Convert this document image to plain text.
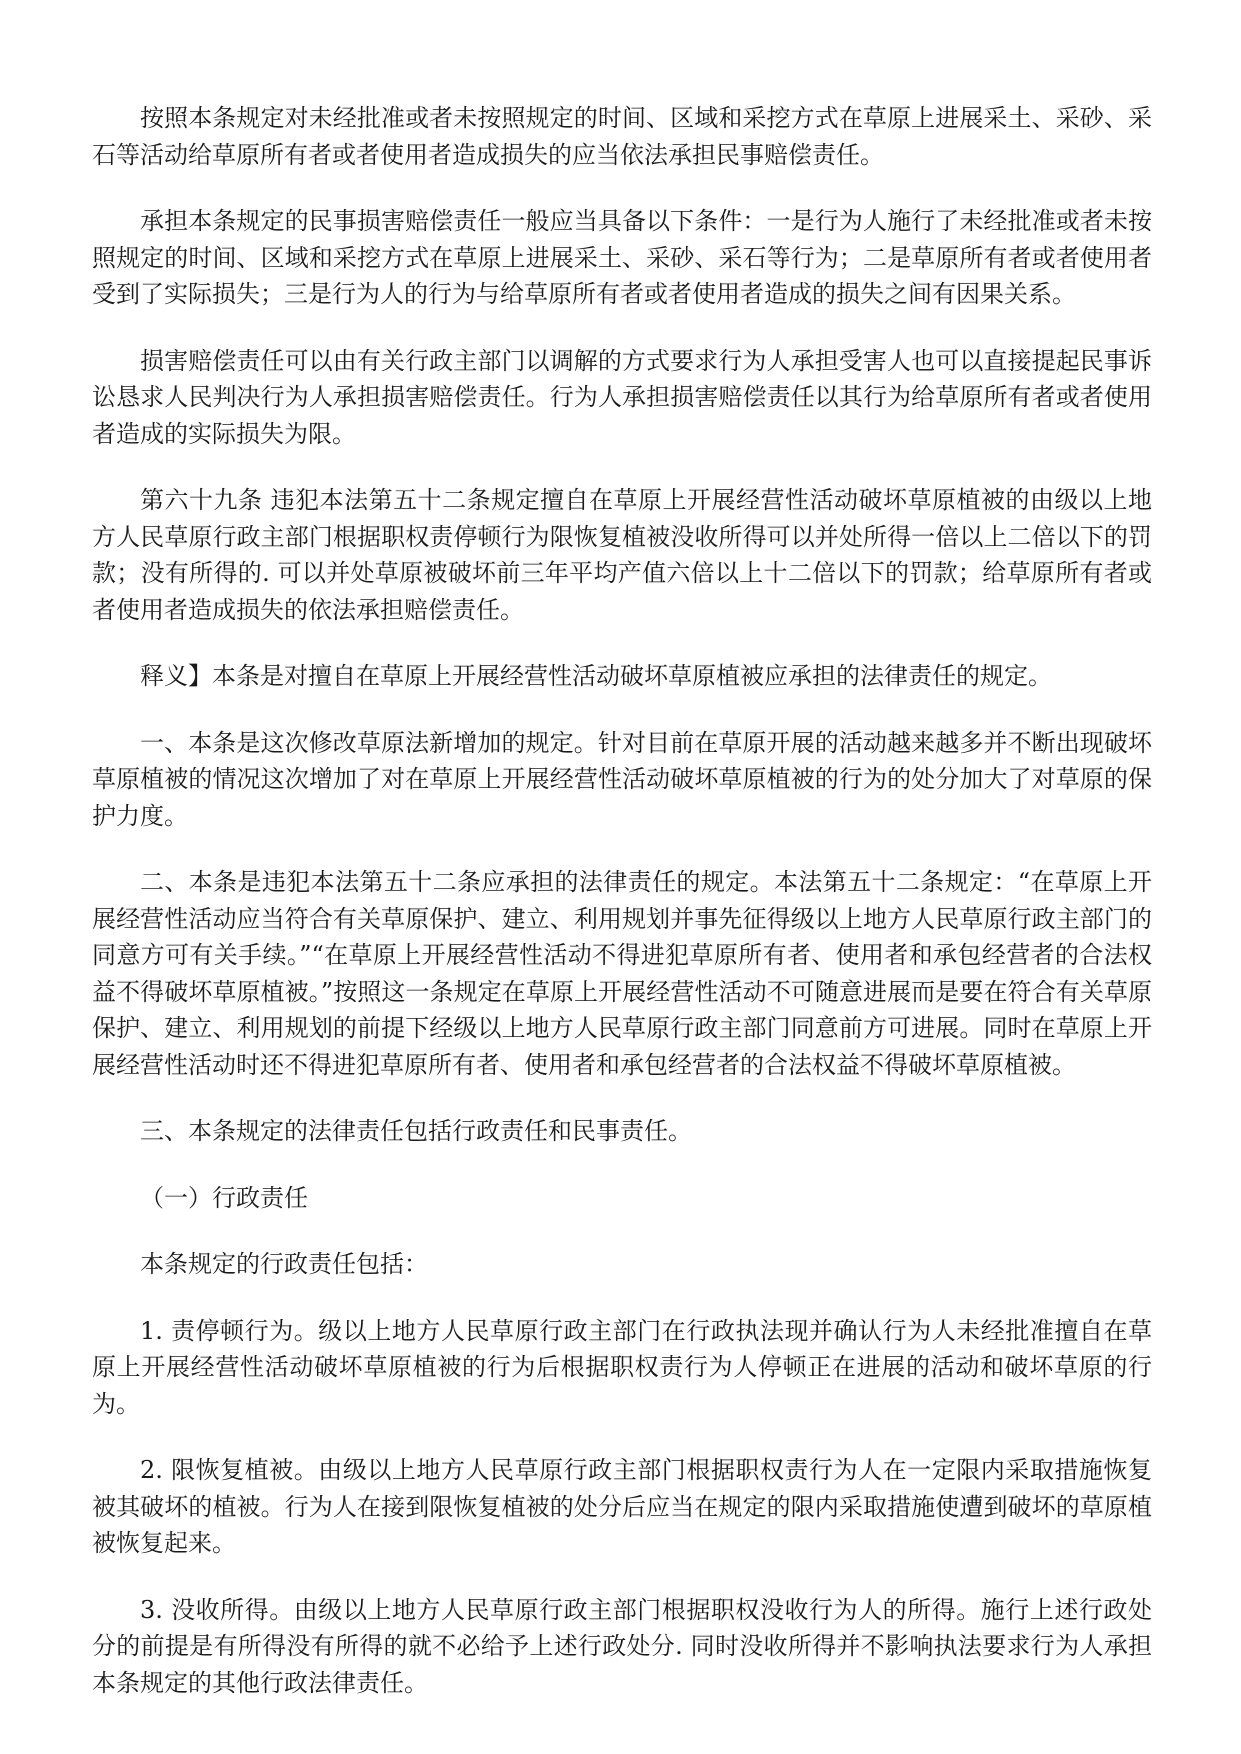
按照本条规定对未经批准或者未按照规定的时间、区域和采挖方式在草原上进展采土、采砂、采石等活动给草原所有者或者使用者造成损失的应当依法承担民事赔偿责任。

承担本条规定的民事损害赔偿责任一般应当具备以下条件：一是行为人施行了未经批准或者未按照规定的时间、区域和采挖方式在草原上进展采土、采砂、采石等行为；二是草原所有者或者使用者受到了实际损失；三是行为人的行为与给草原所有者或者使用者造成的损失之间有因果关系。

损害赔偿责任可以由有关行政主部门以调解的方式要求行为人承担受害人也可以直接提起民事诉讼恳求人民判决行为人承担损害赔偿责任。行为人承担损害赔偿责任以其行为给草原所有者或者使用者造成的实际损失为限。

第六十九条 违犯本法第五十二条规定擅自在草原上开展经营性活动破坏草原植被的由级以上地方人民草原行政主部门根据职权责停顿行为限恢复植被没收所得可以并处所得一倍以上二倍以下的罚款；没有所得的. 可以并处草原被破坏前三年平均产值六倍以上十二倍以下的罚款；给草原所有者或者使用者造成损失的依法承担赔偿责任。

释义】本条是对擅自在草原上开展经营性活动破坏草原植被应承担的法律责任的规定。

一、本条是这次修改草原法新增加的规定。针对目前在草原开展的活动越来越多并不断出现破坏草原植被的情况这次增加了对在草原上开展经营性活动破坏草原植被的行为的处分加大了对草原的保护力度。

二、本条是违犯本法第五十二条应承担的法律责任的规定。本法第五十二条规定：“在草原上开展经营性活动应当符合有关草原保护、建立、利用规划并事先征得级以上地方人民草原行政主部门的同意方可有关手续。”“在草原上开展经营性活动不得进犯草原所有者、使用者和承包经营者的合法权益不得破坏草原植被。”按照这一条规定在草原上开展经营性活动不可随意进展而是要在符合有关草原保护、建立、利用规划的前提下经级以上地方人民草原行政主部门同意前方可进展。同时在草原上开展经营性活动时还不得进犯草原所有者、使用者和承包经营者的合法权益不得破坏草原植被。

三、本条规定的法律责任包括行政责任和民事责任。

（一）行政责任

本条规定的行政责任包括：

1. 责停顿行为。级以上地方人民草原行政主部门在行政执法现并确认行为人未经批准擅自在草原上开展经营性活动破坏草原植被的行为后根据职权责行为人停顿正在进展的活动和破坏草原的行为。

2. 限恢复植被。由级以上地方人民草原行政主部门根据职权责行为人在一定限内采取措施恢复被其破坏的植被。行为人在接到限恢复植被的处分后应当在规定的限内采取措施使遭到破坏的草原植被恢复起来。

3. 没收所得。由级以上地方人民草原行政主部门根据职权没收行为人的所得。施行上述行政处分的前提是有所得没有所得的就不必给予上述行政处分. 同时没收所得并不影响执法要求行为人承担本条规定的其他行政法律责任。
